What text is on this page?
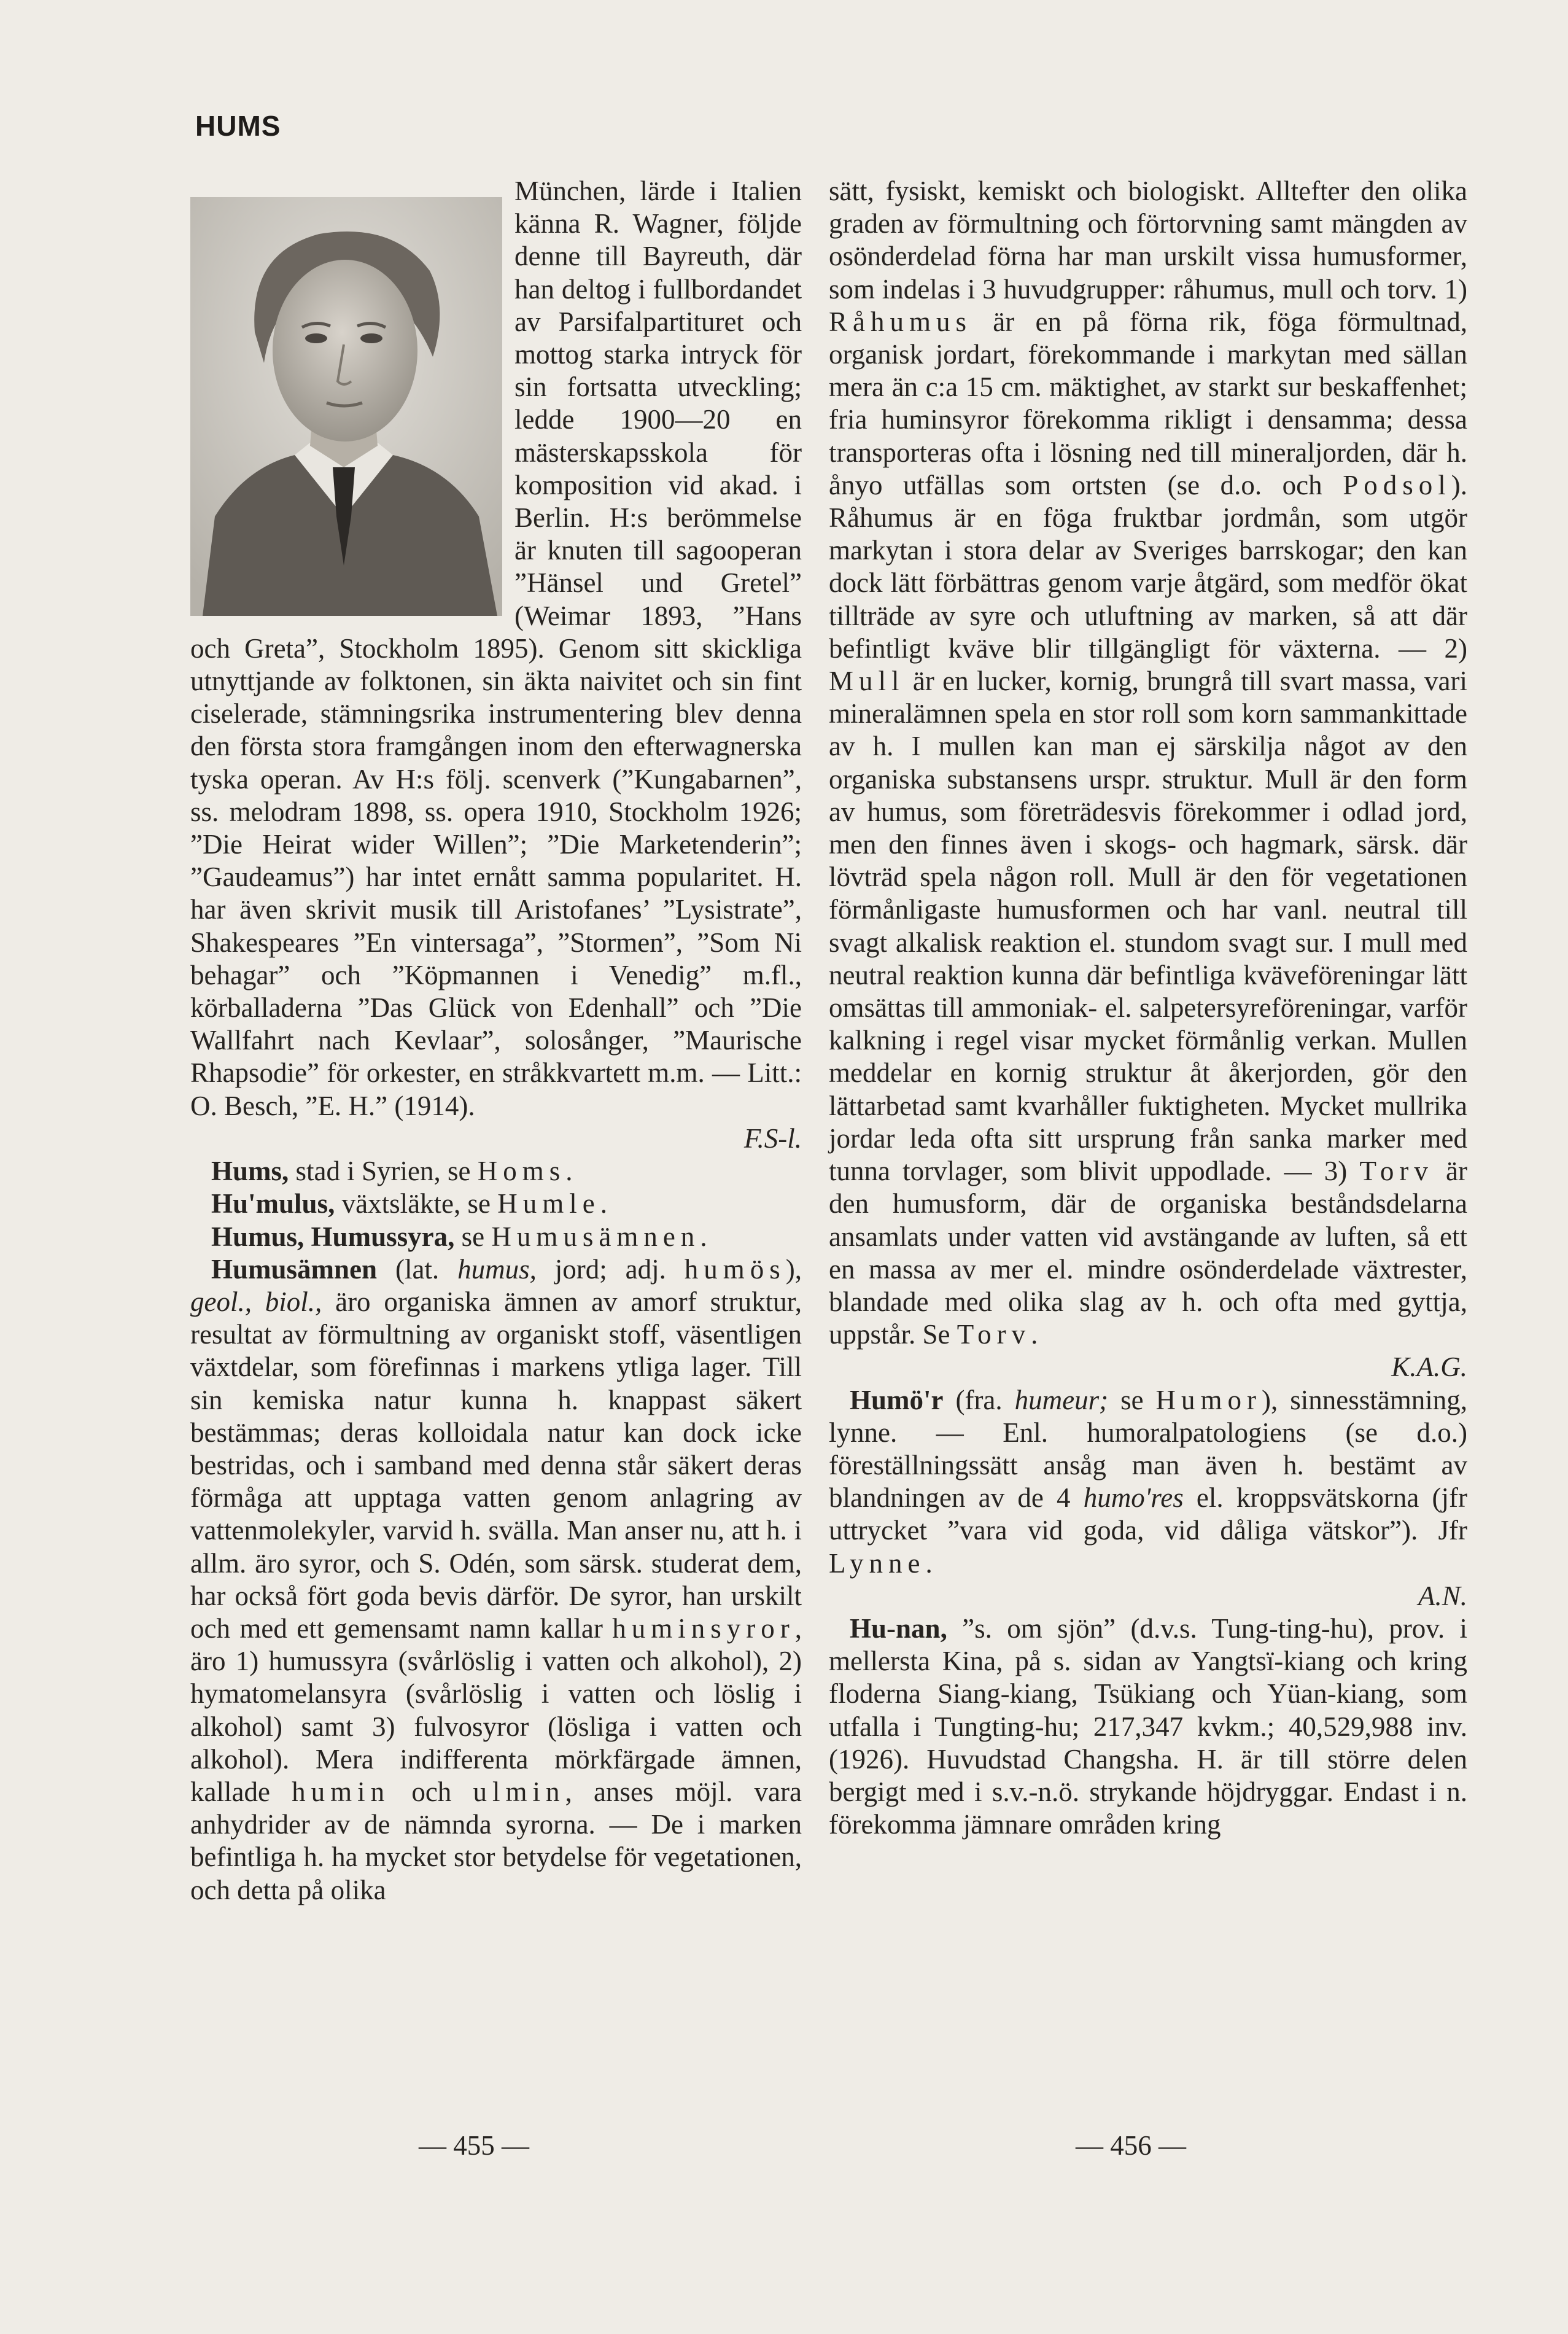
HUMS

München, lärde i Italien känna R. Wagner, följde denne till Bayreuth, där han deltog i fullbordandet av Parsifalpartituret och mottog starka intryck för sin fortsatta utveckling; ledde 1900—20 en mästerskapsskola för komposition vid akad. i Berlin. H:s berömmelse är knuten till sagooperan ”Hänsel und Gretel” (Weimar 1893, ”Hans och Greta”, Stockholm 1895). Genom sitt skickliga utnyttjande av folktonen, sin äkta naivitet och sin fint ciselerade, stämningsrika instrumentering blev denna den första stora framgången inom den efterwagnerska tyska operan. Av H:s följ. scenverk (”Kungabarnen”, ss. melodram 1898, ss. opera 1910, Stockholm 1926; ”Die Heirat wider Willen”; ”Die Marketenderin”; ”Gaudeamus”) har intet ernått samma popularitet. H. har även skrivit musik till Aristofanes’ ”Lysistrate”, Shakespeares ”En vintersaga”, ”Stormen”, ”Som Ni behagar” och ”Köpmannen i Venedig” m.fl., körballaderna ”Das Glück von Edenhall” och ”Die Wallfahrt nach Kevlaar”, solosånger, ”Maurische Rhapsodie” för orkester, en stråkkvartett m.m. — Litt.: O. Besch, ”E. H.” (1914).

F.S-l.

Hums, stad i Syrien, se Homs.

Hu'mulus, växtsläkte, se Humle.

Humus, Humussyra, se Humusämnen.

Humusämnen (lat. humus, jord; adj. humös), geol., biol., äro organiska ämnen av amorf struktur, resultat av förmultning av organiskt stoff, väsentligen växtdelar, som förefinnas i markens ytliga lager. Till sin kemiska natur kunna h. knappast säkert bestämmas; deras kolloidala natur kan dock icke bestridas, och i samband med denna står säkert deras förmåga att upptaga vatten genom anlagring av vattenmolekyler, varvid h. svälla. Man anser nu, att h. i allm. äro syror, och S. Odén, som särsk. studerat dem, har också fört goda bevis därför. De syror, han urskilt och med ett gemensamt namn kallar huminsyror, äro 1) humussyra (svårlöslig i vatten och alkohol), 2) hymatomelansyra (svårlöslig i vatten och löslig i alkohol) samt 3) fulvosyror (lösliga i vatten och alkohol). Mera indifferenta mörkfärgade ämnen, kallade humin och ulmin, anses möjl. vara anhydrider av de nämnda syrorna. — De i marken befintliga h. ha mycket stor betydelse för vegetationen, och detta på olika

sätt, fysiskt, kemiskt och biologiskt. Alltefter den olika graden av förmultning och förtorvning samt mängden av osönderdelad förna har man urskilt vissa humusformer, som indelas i 3 huvudgrupper: råhumus, mull och torv. 1) Råhumus är en på förna rik, föga förmultnad, organisk jordart, förekommande i markytan med sällan mera än c:a 15 cm. mäktighet, av starkt sur beskaffenhet; fria huminsyror förekomma rikligt i densamma; dessa transporteras ofta i lösning ned till mineraljorden, där h. ånyo utfällas som ortsten (se d.o. och Podsol). Råhumus är en föga fruktbar jordmån, som utgör markytan i stora delar av Sveriges barrskogar; den kan dock lätt förbättras genom varje åtgärd, som medför ökat tillträde av syre och utluftning av marken, så att där befintligt kväve blir tillgängligt för växterna. — 2) Mull är en lucker, kornig, brungrå till svart massa, vari mineralämnen spela en stor roll som korn sammankittade av h. I mullen kan man ej särskilja något av den organiska substansens urspr. struktur. Mull är den form av humus, som företrädesvis förekommer i odlad jord, men den finnes även i skogs- och hagmark, särsk. där lövträd spela någon roll. Mull är den för vegetationen förmånligaste humusformen och har vanl. neutral till svagt alkalisk reaktion el. stundom svagt sur. I mull med neutral reaktion kunna där befintliga kväveföreningar lätt omsättas till ammoniak- el. salpetersyreföreningar, varför kalkning i regel visar mycket förmånlig verkan. Mullen meddelar en kornig struktur åt åkerjorden, gör den lättarbetad samt kvarhåller fuktigheten. Mycket mullrika jordar leda ofta sitt ursprung från sanka marker med tunna torvlager, som blivit uppodlade. — 3) Torv är den humusform, där de organiska beståndsdelarna ansamlats under vatten vid avstängande av luften, så ett en massa av mer el. mindre osönderdelade växtrester, blandade med olika slag av h. och ofta med gyttja, uppstår. Se Torv.

K.A.G.

Humö'r (fra. humeur; se Humor), sinnesstämning, lynne. — Enl. humoralpatologiens (se d.o.) föreställningssätt ansåg man även h. bestämt av blandningen av de 4 humo'res el. kroppsvätskorna (jfr uttrycket ”vara vid goda, vid dåliga vätskor”). Jfr Lynne.

A.N.

Hu-nan, ”s. om sjön” (d.v.s. Tung-ting-hu), prov. i mellersta Kina, på s. sidan av Yangtsï-kiang och kring floderna Siang-kiang, Tsükiang och Yüan-kiang, som utfalla i Tungting-hu; 217,347 kvkm.; 40,529,988 inv. (1926). Huvudstad Changsha. H. är till större delen bergigt med i s.v.-n.ö. strykande höjdryggar. Endast i n. förekomma jämnare områden kring

— 455 —	— 456 —
